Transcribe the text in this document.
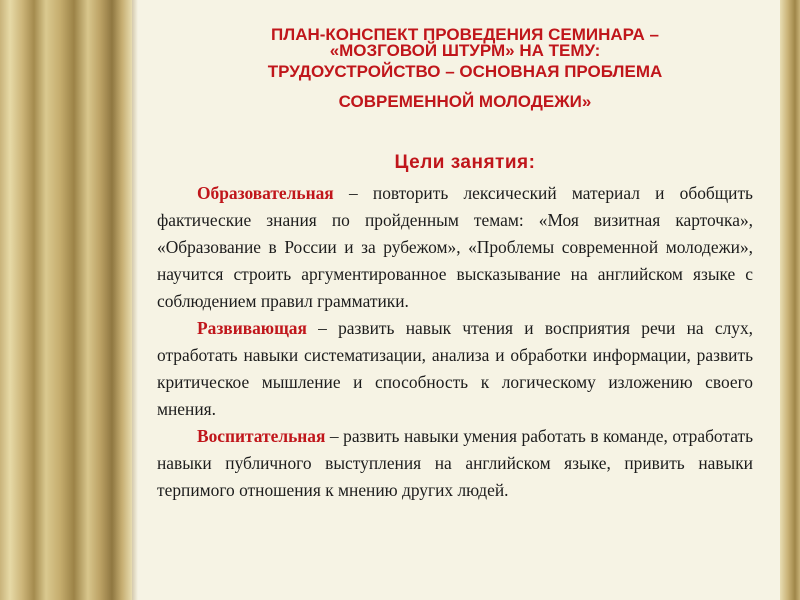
ПЛАН-КОНСПЕКТ ПРОВЕДЕНИЯ СЕМИНАРА –
«МОЗГОВОЙ ШТУРМ» НА ТЕМУ:
ТРУДОУСТРОЙСТВО – ОСНОВНАЯ ПРОБЛЕМА
СОВРЕМЕННОЙ МОЛОДЕЖИ»
Цели занятия:

Образовательная – повторить лексический материал и обобщить фактические знания по пройденным темам: «Моя визитная карточка», «Образование в России и за рубежом», «Проблемы современной молодежи», научится строить аргументированное высказывание на английском языке с соблюдением правил грамматики.

Развивающая – развить навык чтения и восприятия речи на слух, отработать навыки систематизации, анализа и обработки информации, развить критическое мышление и способность к логическому изложению своего мнения.

Воспитательная – развить навыки умения работать в команде, отработать навыки публичного выступления на английском языке, привить навыки терпимого отношения к мнению других людей.
